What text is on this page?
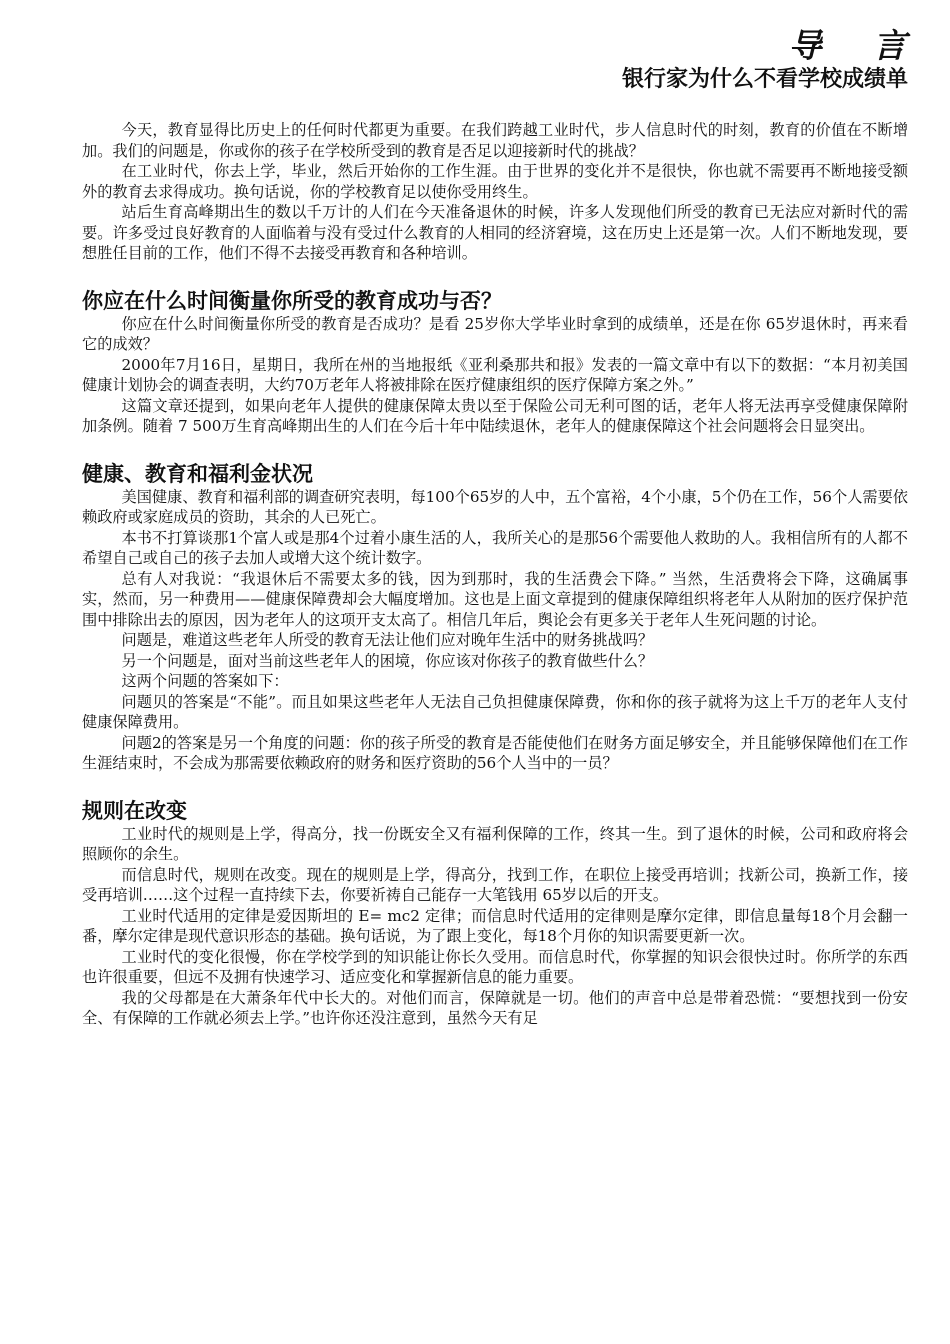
导 言
银行家为什么不看学校成绩单

今天，教育显得比历史上的任何时代都更为重要。在我们跨越工业时代，步人信息时代的时刻，教育的价值在不断增加。我们的问题是，你或你的孩子在学校所受到的教育是否足以迎接新时代的挑战？

在工业时代，你去上学，毕业，然后开始你的工作生涯。由于世界的变化并不是很快，你也就不需要再不断地接受额外的教育去求得成功。换句话说，你的学校教育足以使你受用终生。

站后生育高峰期出生的数以千万计的人们在今天准备退休的时候，许多人发现他们所受的教育已无法应对新时代的需要。许多受过良好教育的人面临着与没有受过什么教育的人相同的经济窘境，这在历史上还是第一次。人们不断地发现，要想胜任目前的工作，他们不得不去接受再教育和各种培训。

你应在什么时间衡量你所受的教育成功与否？

你应在什么时间衡量你所受的教育是否成功？是看 25岁你大学毕业时拿到的成绩单，还是在你 65岁退休时，再来看它的成效？

2000年7月16日，星期日，我所在州的当地报纸《亚利桑那共和报》发表的一篇文章中有以下的数据：“本月初美国健康计划协会的调查表明，大约70万老年人将被排除在医疗健康组织的医疗保障方案之外。”

这篇文章还提到，如果向老年人提供的健康保障太贵以至于保险公司无利可图的话，老年人将无法再享受健康保障附加条例。随着 7 500万生育高峰期出生的人们在今后十年中陆续退休，老年人的健康保障这个社会问题将会日显突出。

健康、教育和福利金状况

美国健康、教育和福利部的调查研究表明，每100个65岁的人中，五个富裕，4个小康，5个仍在工作，56个人需要依赖政府或家庭成员的资助，其余的人已死亡。

本书不打算谈那1个富人或是那4个过着小康生活的人，我所关心的是那56个需要他人救助的人。我相信所有的人都不希望自己或自己的孩子去加人或增大这个统计数字。

总有人对我说：“我退休后不需要太多的钱，因为到那时，我的生活费会下降。” 当然，生活费将会下降，这确属事实，然而，另一种费用——健康保障费却会大幅度增加。这也是上面文章提到的健康保障组织将老年人从附加的医疗保护范围中排除出去的原因，因为老年人的这项开支太高了。相信几年后，舆论会有更多关于老年人生死问题的讨论。

问题是，难道这些老年人所受的教育无法让他们应对晚年生活中的财务挑战吗？

另一个问题是，面对当前这些老年人的困境，你应该对你孩子的教育做些什么？

这两个问题的答案如下：

问题贝的答案是“不能”。而且如果这些老年人无法自己负担健康保障费，你和你的孩子就将为这上千万的老年人支付健康保障费用。

问题2的答案是另一个角度的问题：你的孩子所受的教育是否能使他们在财务方面足够安全，并且能够保障他们在工作生涯结束时，不会成为那需要依赖政府的财务和医疗资助的56个人当中的一员？

规则在改变

工业时代的规则是上学，得高分，找一份既安全又有福利保障的工作，终其一生。到了退休的时候，公司和政府将会照顾你的余生。

而信息时代，规则在改变。现在的规则是上学，得高分，找到工作，在职位上接受再培训；找新公司，换新工作，接受再培训……这个过程一直持续下去，你要祈祷自己能存一大笔钱用 65岁以后的开支。

工业时代适用的定律是爱因斯坦的 E= mc2 定律；而信息时代适用的定律则是摩尔定律，即信息量每18个月会翻一番，摩尔定律是现代意识形态的基础。换句话说，为了跟上变化，每18个月你的知识需要更新一次。

工业时代的变化很慢，你在学校学到的知识能让你长久受用。而信息时代，你掌握的知识会很快过时。你所学的东西也许很重要，但远不及拥有快速学习、适应变化和掌握新信息的能力重要。

我的父母都是在大萧条年代中长大的。对他们而言，保障就是一切。他们的声音中总是带着恐慌：“要想找到一份安全、有保障的工作就必须去上学。”也许你还没注意到，虽然今天有足
